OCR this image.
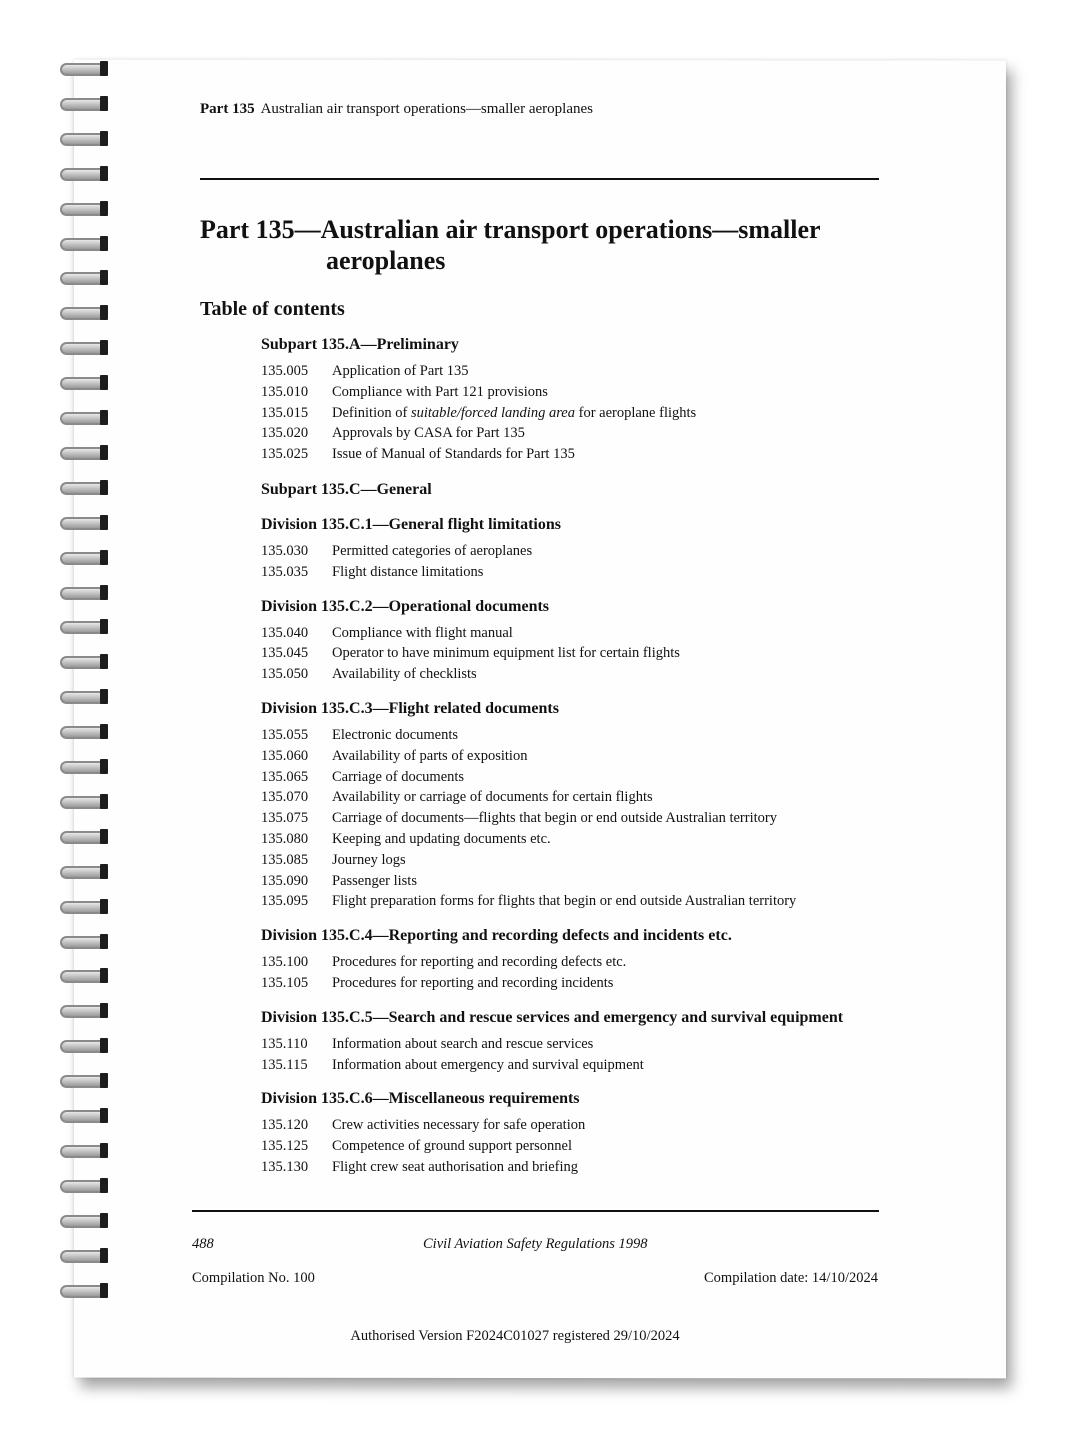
Part 135 Australian air transport operations—smaller aeroplanes
Part 135—Australian air transport operations—smaller
aeroplanes
Table of contents
Subpart 135.A—Preliminary
135.005 Application of Part 135
135.010 Compliance with Part 121 provisions
135.015 Definition of suitable/forced landing area for aeroplane flights
135.020 Approvals by CASA for Part 135
135.025 Issue of Manual of Standards for Part 135
Subpart 135.C—General
Division 135.C.1—General flight limitations
135.030 Permitted categories of aeroplanes
135.035 Flight distance limitations
Division 135.C.2—Operational documents
135.040 Compliance with flight manual
135.045 Operator to have minimum equipment list for certain flights
135.050 Availability of checklists
Division 135.C.3—Flight related documents
135.055 Electronic documents
135.060 Availability of parts of exposition
135.065 Carriage of documents
135.070 Availability or carriage of documents for certain flights
135.075 Carriage of documents—flights that begin or end outside Australian territory
135.080 Keeping and updating documents etc.
135.085 Journey logs
135.090 Passenger lists
135.095 Flight preparation forms for flights that begin or end outside Australian territory
Division 135.C.4—Reporting and recording defects and incidents etc.
135.100 Procedures for reporting and recording defects etc.
135.105 Procedures for reporting and recording incidents
Division 135.C.5—Search and rescue services and emergency and survival equipment
135.110 Information about search and rescue services
135.115 Information about emergency and survival equipment
Division 135.C.6—Miscellaneous requirements
135.120 Crew activities necessary for safe operation
135.125 Competence of ground support personnel
135.130 Flight crew seat authorisation and briefing
488	Civil Aviation Safety Regulations 1998
Compilation No. 100	Compilation date: 14/10/2024
Authorised Version F2024C01027 registered 29/10/2024
